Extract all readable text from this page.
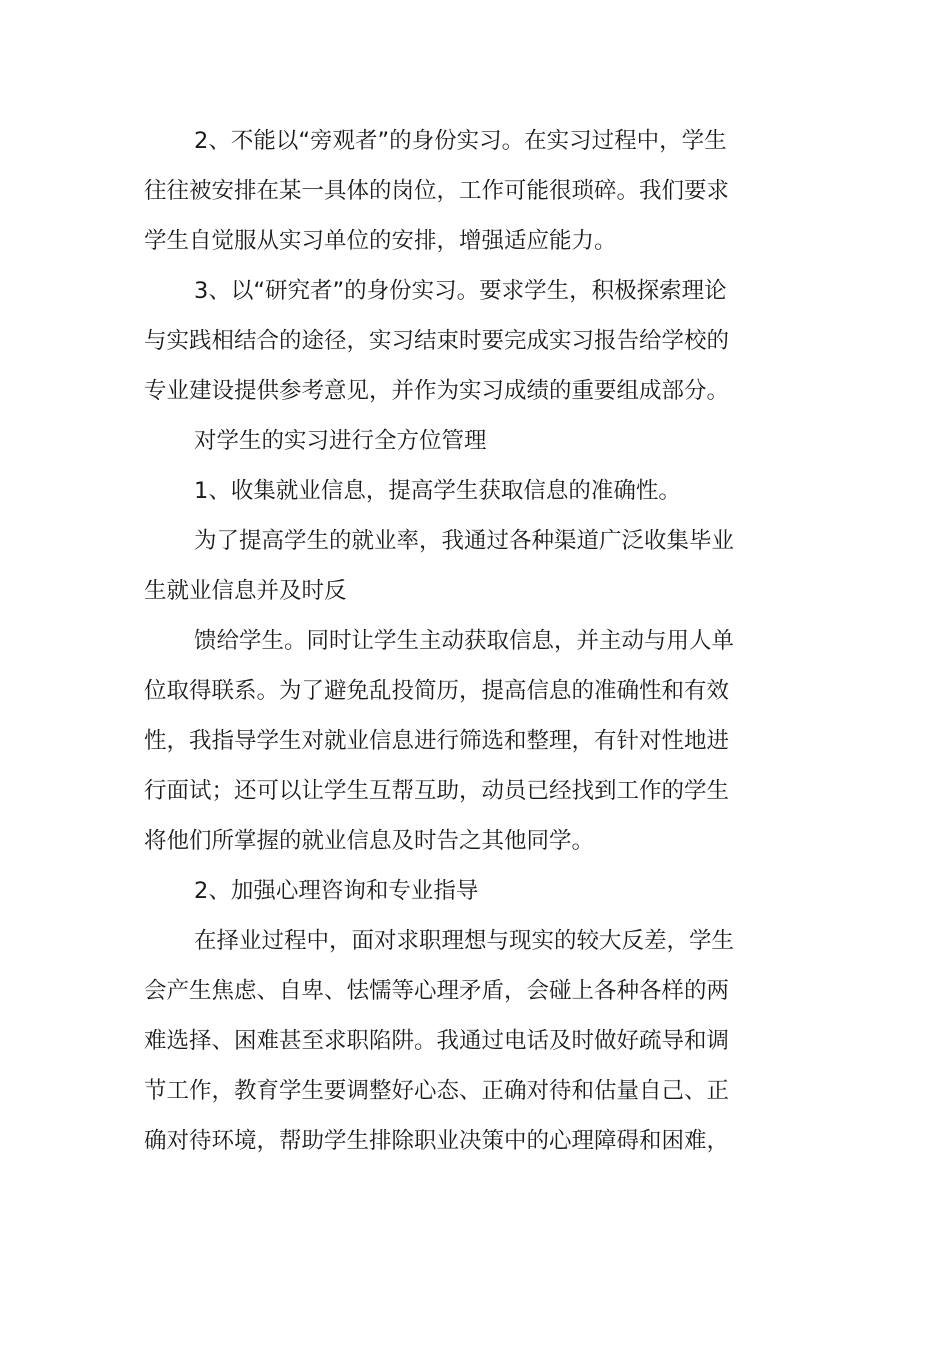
2、不能以“旁观者”的身份实习。在实习过程中，学生往往被安排在某一具体的岗位，工作可能很琐碎。我们要求学生自觉服从实习单位的安排，增强适应能力。

3、以“研究者”的身份实习。要求学生，积极探索理论与实践相结合的途径，实习结束时要完成实习报告给学校的专业建设提供参考意见，并作为实习成绩的重要组成部分。

对学生的实习进行全方位管理

1、收集就业信息，提高学生获取信息的准确性。

为了提高学生的就业率，我通过各种渠道广泛收集毕业生就业信息并及时反

馈给学生。同时让学生主动获取信息，并主动与用人单位取得联系。为了避免乱投简历，提高信息的准确性和有效性，我指导学生对就业信息进行筛选和整理，有针对性地进行面试；还可以让学生互帮互助，动员已经找到工作的学生将他们所掌握的就业信息及时告之其他同学。

2、加强心理咨询和专业指导

在择业过程中，面对求职理想与现实的较大反差，学生会产生焦虑、自卑、怯懦等心理矛盾，会碰上各种各样的两难选择、困难甚至求职陷阱。我通过电话及时做好疏导和调节工作，教育学生要调整好心态、正确对待和估量自己、正确对待环境，帮助学生排除职业决策中的心理障碍和困难，
